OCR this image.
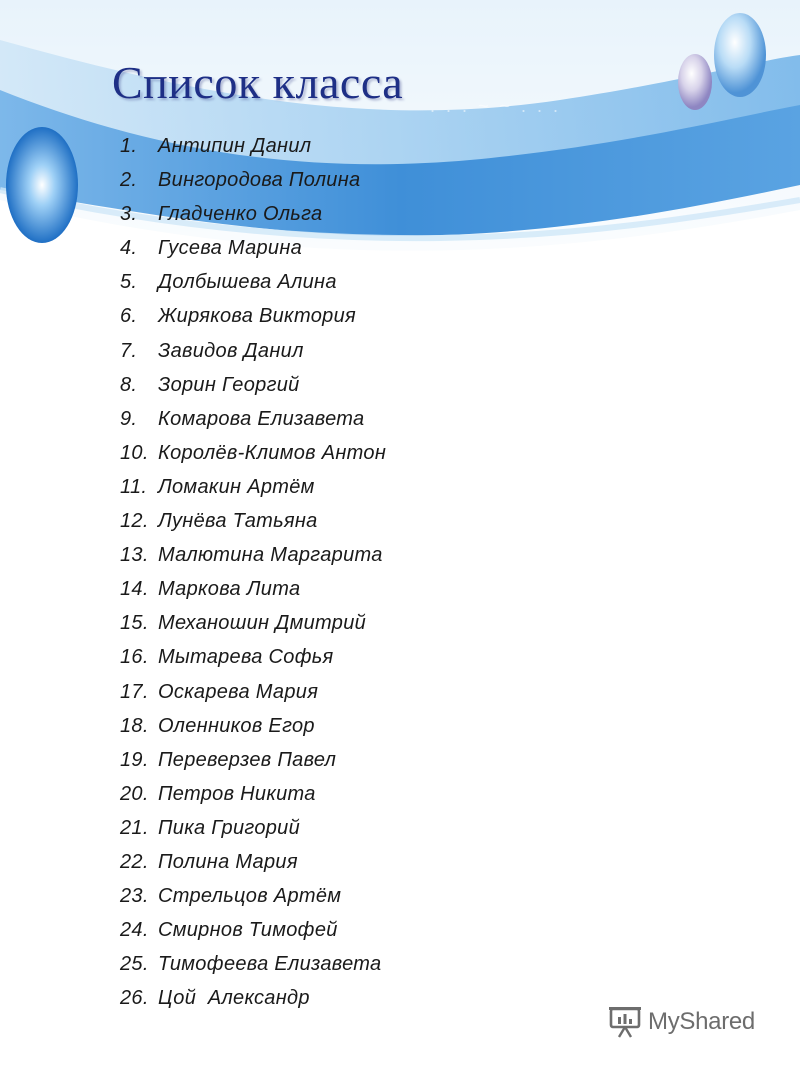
. . . ~ ~ . . .
Список класса
1. Антипин Данил
2. Вингородова Полина
3. Гладченко Ольга
4. Гусева Марина
5. Долбышева Алина
6. Жирякова Виктория
7. Завидов Данил
8. Зорин Георгий
9. Комарова Елизавета
10. Королёв-Климов Антон
11. Ломакин Артём
12. Лунёва Татьяна
13. Малютина Маргарита
14. Маркова Лита
15. Механошин Дмитрий
16. Мытарева Софья
17. Оскарева Мария
18. Оленников Егор
19. Переверзев Павел
20. Петров Никита
21. Пика Григорий
22. Полина Мария
23. Стрельцов Артём
24. Смирнов Тимофей
25. Тимофеева Елизавета
26. Цой  Александр
MyShared
